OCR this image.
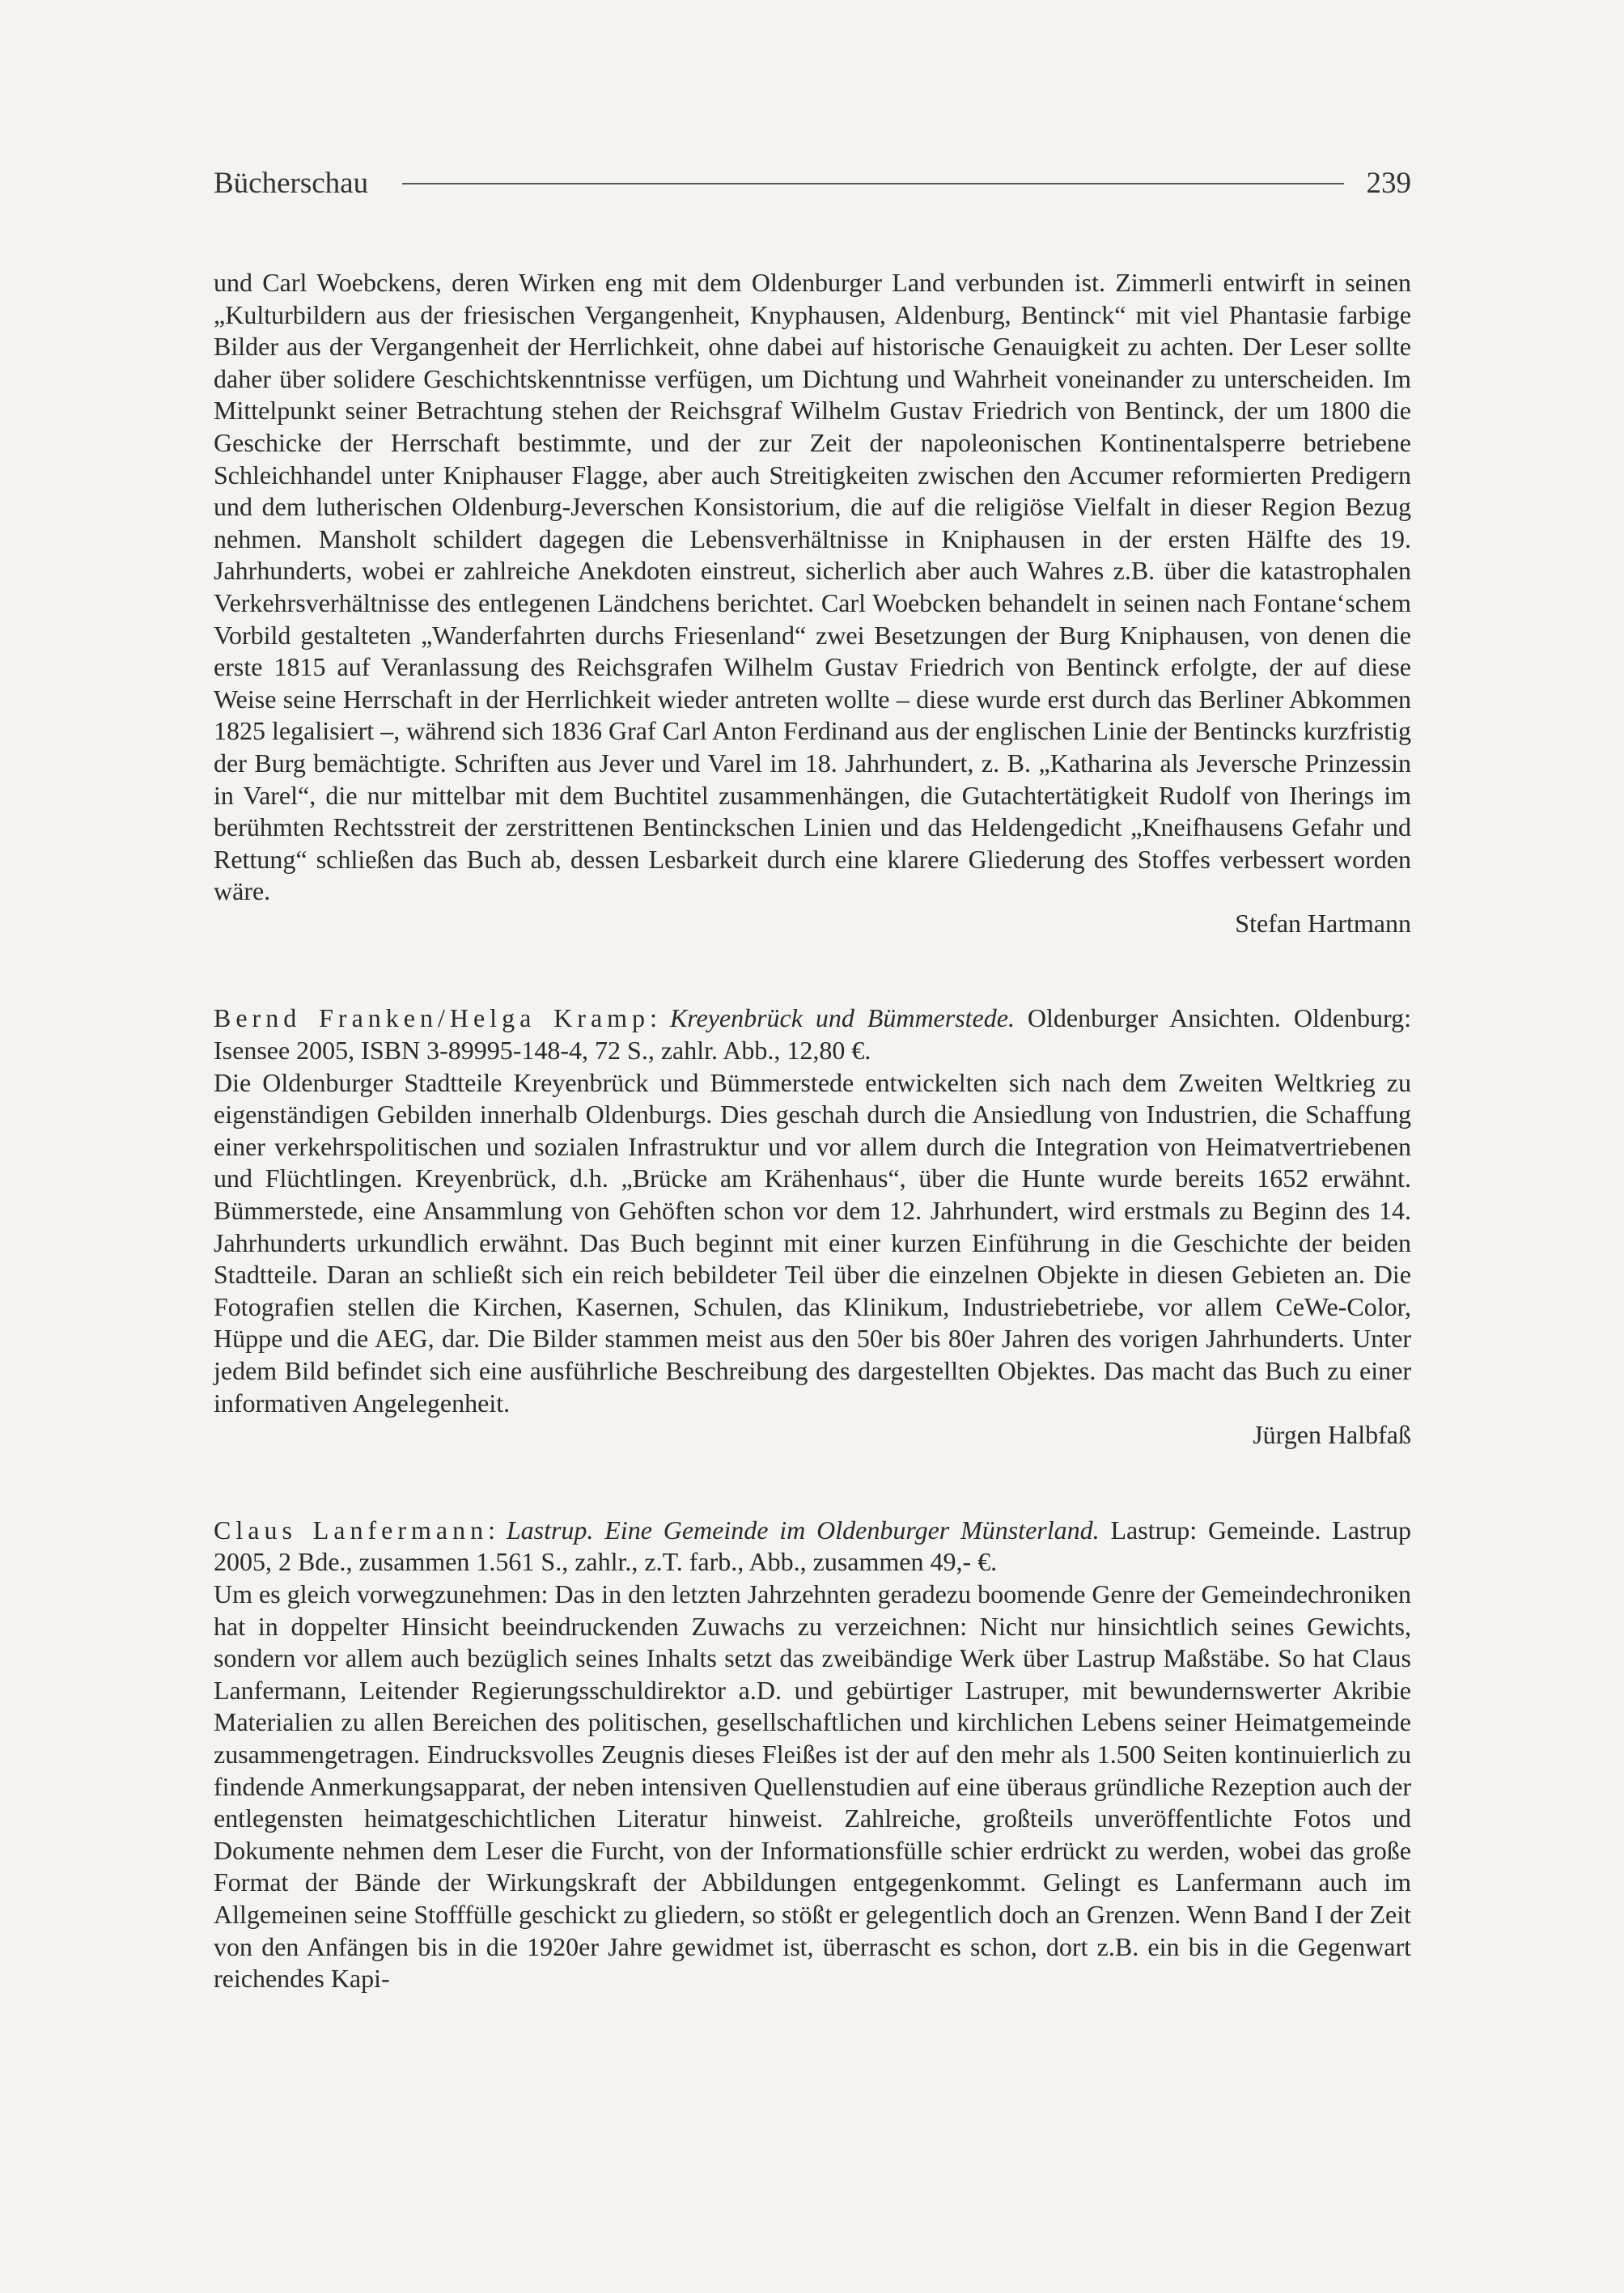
Bücherschau	239

und Carl Woebckens, deren Wirken eng mit dem Oldenburger Land verbunden ist. Zimmerli entwirft in seinen „Kulturbildern aus der friesischen Vergangenheit, Knyphausen, Aldenburg, Bentinck“ mit viel Phantasie farbige Bilder aus der Vergangenheit der Herrlichkeit, ohne dabei auf historische Genauigkeit zu achten. Der Leser sollte daher über solidere Geschichtskenntnisse verfügen, um Dichtung und Wahrheit voneinander zu unterscheiden. Im Mittelpunkt seiner Betrachtung stehen der Reichsgraf Wilhelm Gustav Friedrich von Bentinck, der um 1800 die Geschicke der Herrschaft bestimmte, und der zur Zeit der napoleonischen Kontinentalsperre betriebene Schleichhandel unter Kniphauser Flagge, aber auch Streitigkeiten zwischen den Accumer reformierten Predigern und dem lutherischen Oldenburg-Jeverschen Konsistorium, die auf die religiöse Vielfalt in dieser Region Bezug nehmen. Mansholt schildert dagegen die Lebensverhältnisse in Kniphausen in der ersten Hälfte des 19. Jahrhunderts, wobei er zahlreiche Anekdoten einstreut, sicherlich aber auch Wahres z.B. über die katastrophalen Verkehrsverhältnisse des entlegenen Ländchens berichtet. Carl Woebcken behandelt in seinen nach Fontane‘schem Vorbild gestalteten „Wanderfahrten durchs Friesenland“ zwei Besetzungen der Burg Kniphausen, von denen die erste 1815 auf Veranlassung des Reichsgrafen Wilhelm Gustav Friedrich von Bentinck erfolgte, der auf diese Weise seine Herrschaft in der Herrlichkeit wieder antreten wollte – diese wurde erst durch das Berliner Abkommen 1825 legalisiert –, während sich 1836 Graf Carl Anton Ferdinand aus der englischen Linie der Bentincks kurzfristig der Burg bemächtigte. Schriften aus Jever und Varel im 18. Jahrhundert, z. B. „Katharina als Jeversche Prinzessin in Varel“, die nur mittelbar mit dem Buchtitel zusammenhängen, die Gutachtertätigkeit Rudolf von Iherings im berühmten Rechtsstreit der zerstrittenen Bentinckschen Linien und das Heldengedicht „Kneifhausens Gefahr und Rettung“ schließen das Buch ab, dessen Lesbarkeit durch eine klarere Gliederung des Stoffes verbessert worden wäre.

Stefan Hartmann

Bernd Franken/Helga Kramp: Kreyenbrück und Bümmerstede. Oldenburger Ansichten. Oldenburg: Isensee 2005, ISBN 3-89995-148-4, 72 S., zahlr. Abb., 12,80 €.

Die Oldenburger Stadtteile Kreyenbrück und Bümmerstede entwickelten sich nach dem Zweiten Weltkrieg zu eigenständigen Gebilden innerhalb Oldenburgs. Dies geschah durch die Ansiedlung von Industrien, die Schaffung einer verkehrspolitischen und sozialen Infrastruktur und vor allem durch die Integration von Heimatvertriebenen und Flüchtlingen. Kreyenbrück, d.h. „Brücke am Krähenhaus“, über die Hunte wurde bereits 1652 erwähnt. Bümmerstede, eine Ansammlung von Gehöften schon vor dem 12. Jahrhundert, wird erstmals zu Beginn des 14. Jahrhunderts urkundlich erwähnt. Das Buch beginnt mit einer kurzen Einführung in die Geschichte der beiden Stadtteile. Daran an schließt sich ein reich bebildeter Teil über die einzelnen Objekte in diesen Gebieten an. Die Fotografien stellen die Kirchen, Kasernen, Schulen, das Klinikum, Industriebetriebe, vor allem CeWe-Color, Hüppe und die AEG, dar. Die Bilder stammen meist aus den 50er bis 80er Jahren des vorigen Jahrhunderts. Unter jedem Bild befindet sich eine ausführliche Beschreibung des dargestellten Objektes. Das macht das Buch zu einer informativen Angelegenheit.

Jürgen Halbfaß

Claus Lanfermann: Lastrup. Eine Gemeinde im Oldenburger Münsterland. Lastrup: Gemeinde. Lastrup 2005, 2 Bde., zusammen 1.561 S., zahlr., z.T. farb., Abb., zusammen 49,- €.

Um es gleich vorwegzunehmen: Das in den letzten Jahrzehnten geradezu boomende Genre der Gemeindechroniken hat in doppelter Hinsicht beeindruckenden Zuwachs zu verzeichnen: Nicht nur hinsichtlich seines Gewichts, sondern vor allem auch bezüglich seines Inhalts setzt das zweibändige Werk über Lastrup Maßstäbe. So hat Claus Lanfermann, Leitender Regierungsschuldirektor a.D. und gebürtiger Lastruper, mit bewundernswerter Akribie Materialien zu allen Bereichen des politischen, gesellschaftlichen und kirchlichen Lebens seiner Heimatgemeinde zusammengetragen. Eindrucksvolles Zeugnis dieses Fleißes ist der auf den mehr als 1.500 Seiten kontinuierlich zu findende Anmerkungsapparat, der neben intensiven Quellenstudien auf eine überaus gründliche Rezeption auch der entlegensten heimatgeschichtlichen Literatur hinweist. Zahlreiche, großteils unveröffentlichte Fotos und Dokumente nehmen dem Leser die Furcht, von der Informationsfülle schier erdrückt zu werden, wobei das große Format der Bände der Wirkungskraft der Abbildungen entgegenkommt. Gelingt es Lanfermann auch im Allgemeinen seine Stofffülle geschickt zu gliedern, so stößt er gelegentlich doch an Grenzen. Wenn Band I der Zeit von den Anfängen bis in die 1920er Jahre gewidmet ist, überrascht es schon, dort z.B. ein bis in die Gegenwart reichendes Kapi-
